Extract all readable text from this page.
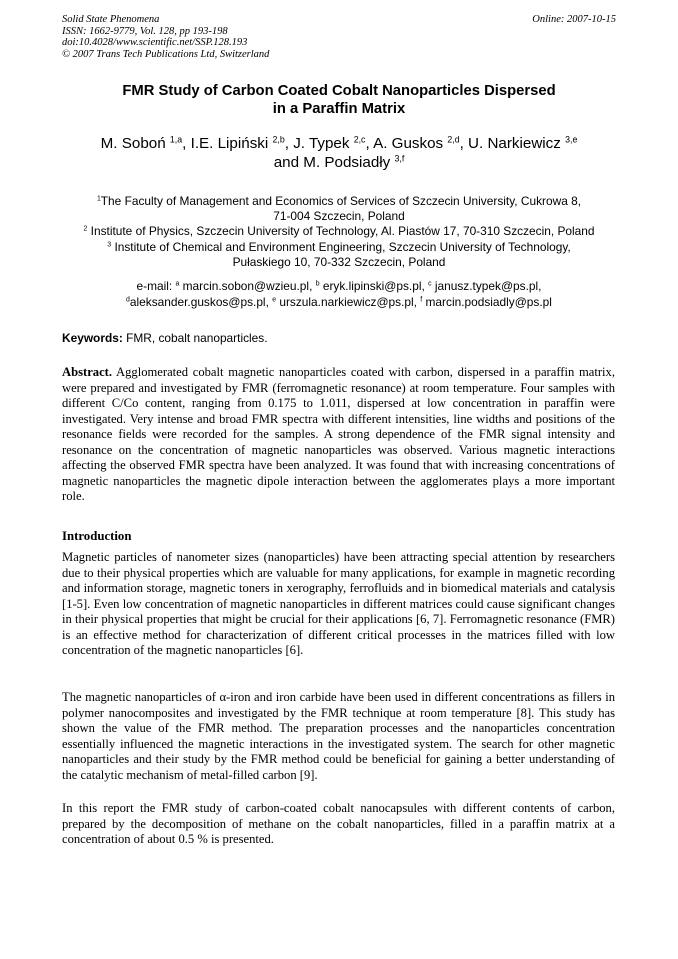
Solid State Phenomena
ISSN: 1662-9779, Vol. 128, pp 193-198
doi:10.4028/www.scientific.net/SSP.128.193
© 2007 Trans Tech Publications Ltd, Switzerland
Online: 2007-10-15
FMR Study of Carbon Coated Cobalt Nanoparticles Dispersed
in a Paraffin Matrix
M. Soboń $^{1,a}$, I.E. Lipiński $^{2,b}$, J. Typek $^{2,c}$, A. Guskos $^{2,d}$, U. Narkiewicz $^{3,e}$
and M. Podsiadły $^{3,f}$
$^1$The Faculty of Management and Economics of Services of Szczecin University, Cukrowa 8,
71-004 Szczecin, Poland
$^2$ Institute of Physics, Szczecin University of Technology, Al. Piastów 17, 70-310 Szczecin, Poland
$^3$ Institute of Chemical and Environment Engineering, Szczecin University of Technology,
Pułaskiego 10, 70-332 Szczecin, Poland
e-mail: $^a$ marcin.sobon@wzieu.pl, $^b$ eryk.lipinski@ps.pl, $^c$ janusz.typek@ps.pl,
$^d$aleksander.guskos@ps.pl, $^e$ urszula.narkiewicz@ps.pl, $^f$ marcin.podsiadly@ps.pl
Keywords: FMR, cobalt nanoparticles.
Abstract. Agglomerated cobalt magnetic nanoparticles coated with carbon, dispersed in a paraffin matrix, were prepared and investigated by FMR (ferromagnetic resonance) at room temperature. Four samples with different C/Co content, ranging from 0.175 to 1.011, dispersed at low concentration in paraffin were investigated. Very intense and broad FMR spectra with different intensities, line widths and positions of the resonance fields were recorded for the samples. A strong dependence of the FMR signal intensity and resonance on the concentration of magnetic nanoparticles was observed. Various magnetic interactions affecting the observed FMR spectra have been analyzed. It was found that with increasing concentrations of magnetic nanoparticles the magnetic dipole interaction between the agglomerates plays a more important role.
Introduction
Magnetic particles of nanometer sizes (nanoparticles) have been attracting special attention by researchers due to their physical properties which are valuable for many applications, for example in magnetic recording and information storage, magnetic toners in xerography, ferrofluids and in biomedical materials and catalysis [1-5]. Even low concentration of magnetic nanoparticles in different matrices could cause significant changes in their physical properties that might be crucial for their applications [6, 7]. Ferromagnetic resonance (FMR) is an effective method for characterization of different critical processes in the matrices filled with low concentration of the magnetic nanoparticles [6].
The magnetic nanoparticles of α-iron and iron carbide have been used in different concentrations as fillers in polymer nanocomposites and investigated by the FMR technique at room temperature [8]. This study has shown the value of the FMR method. The preparation processes and the nanoparticles concentration essentially influenced the magnetic interactions in the investigated system. The search for other magnetic nanoparticles and their study by the FMR method could be beneficial for gaining a better understanding of the catalytic mechanism of metal-filled carbon [9].
In this report the FMR study of carbon-coated cobalt nanocapsules with different contents of carbon, prepared by the decomposition of methane on the cobalt nanoparticles, filled in a paraffin matrix at a concentration of about 0.5 % is presented.
